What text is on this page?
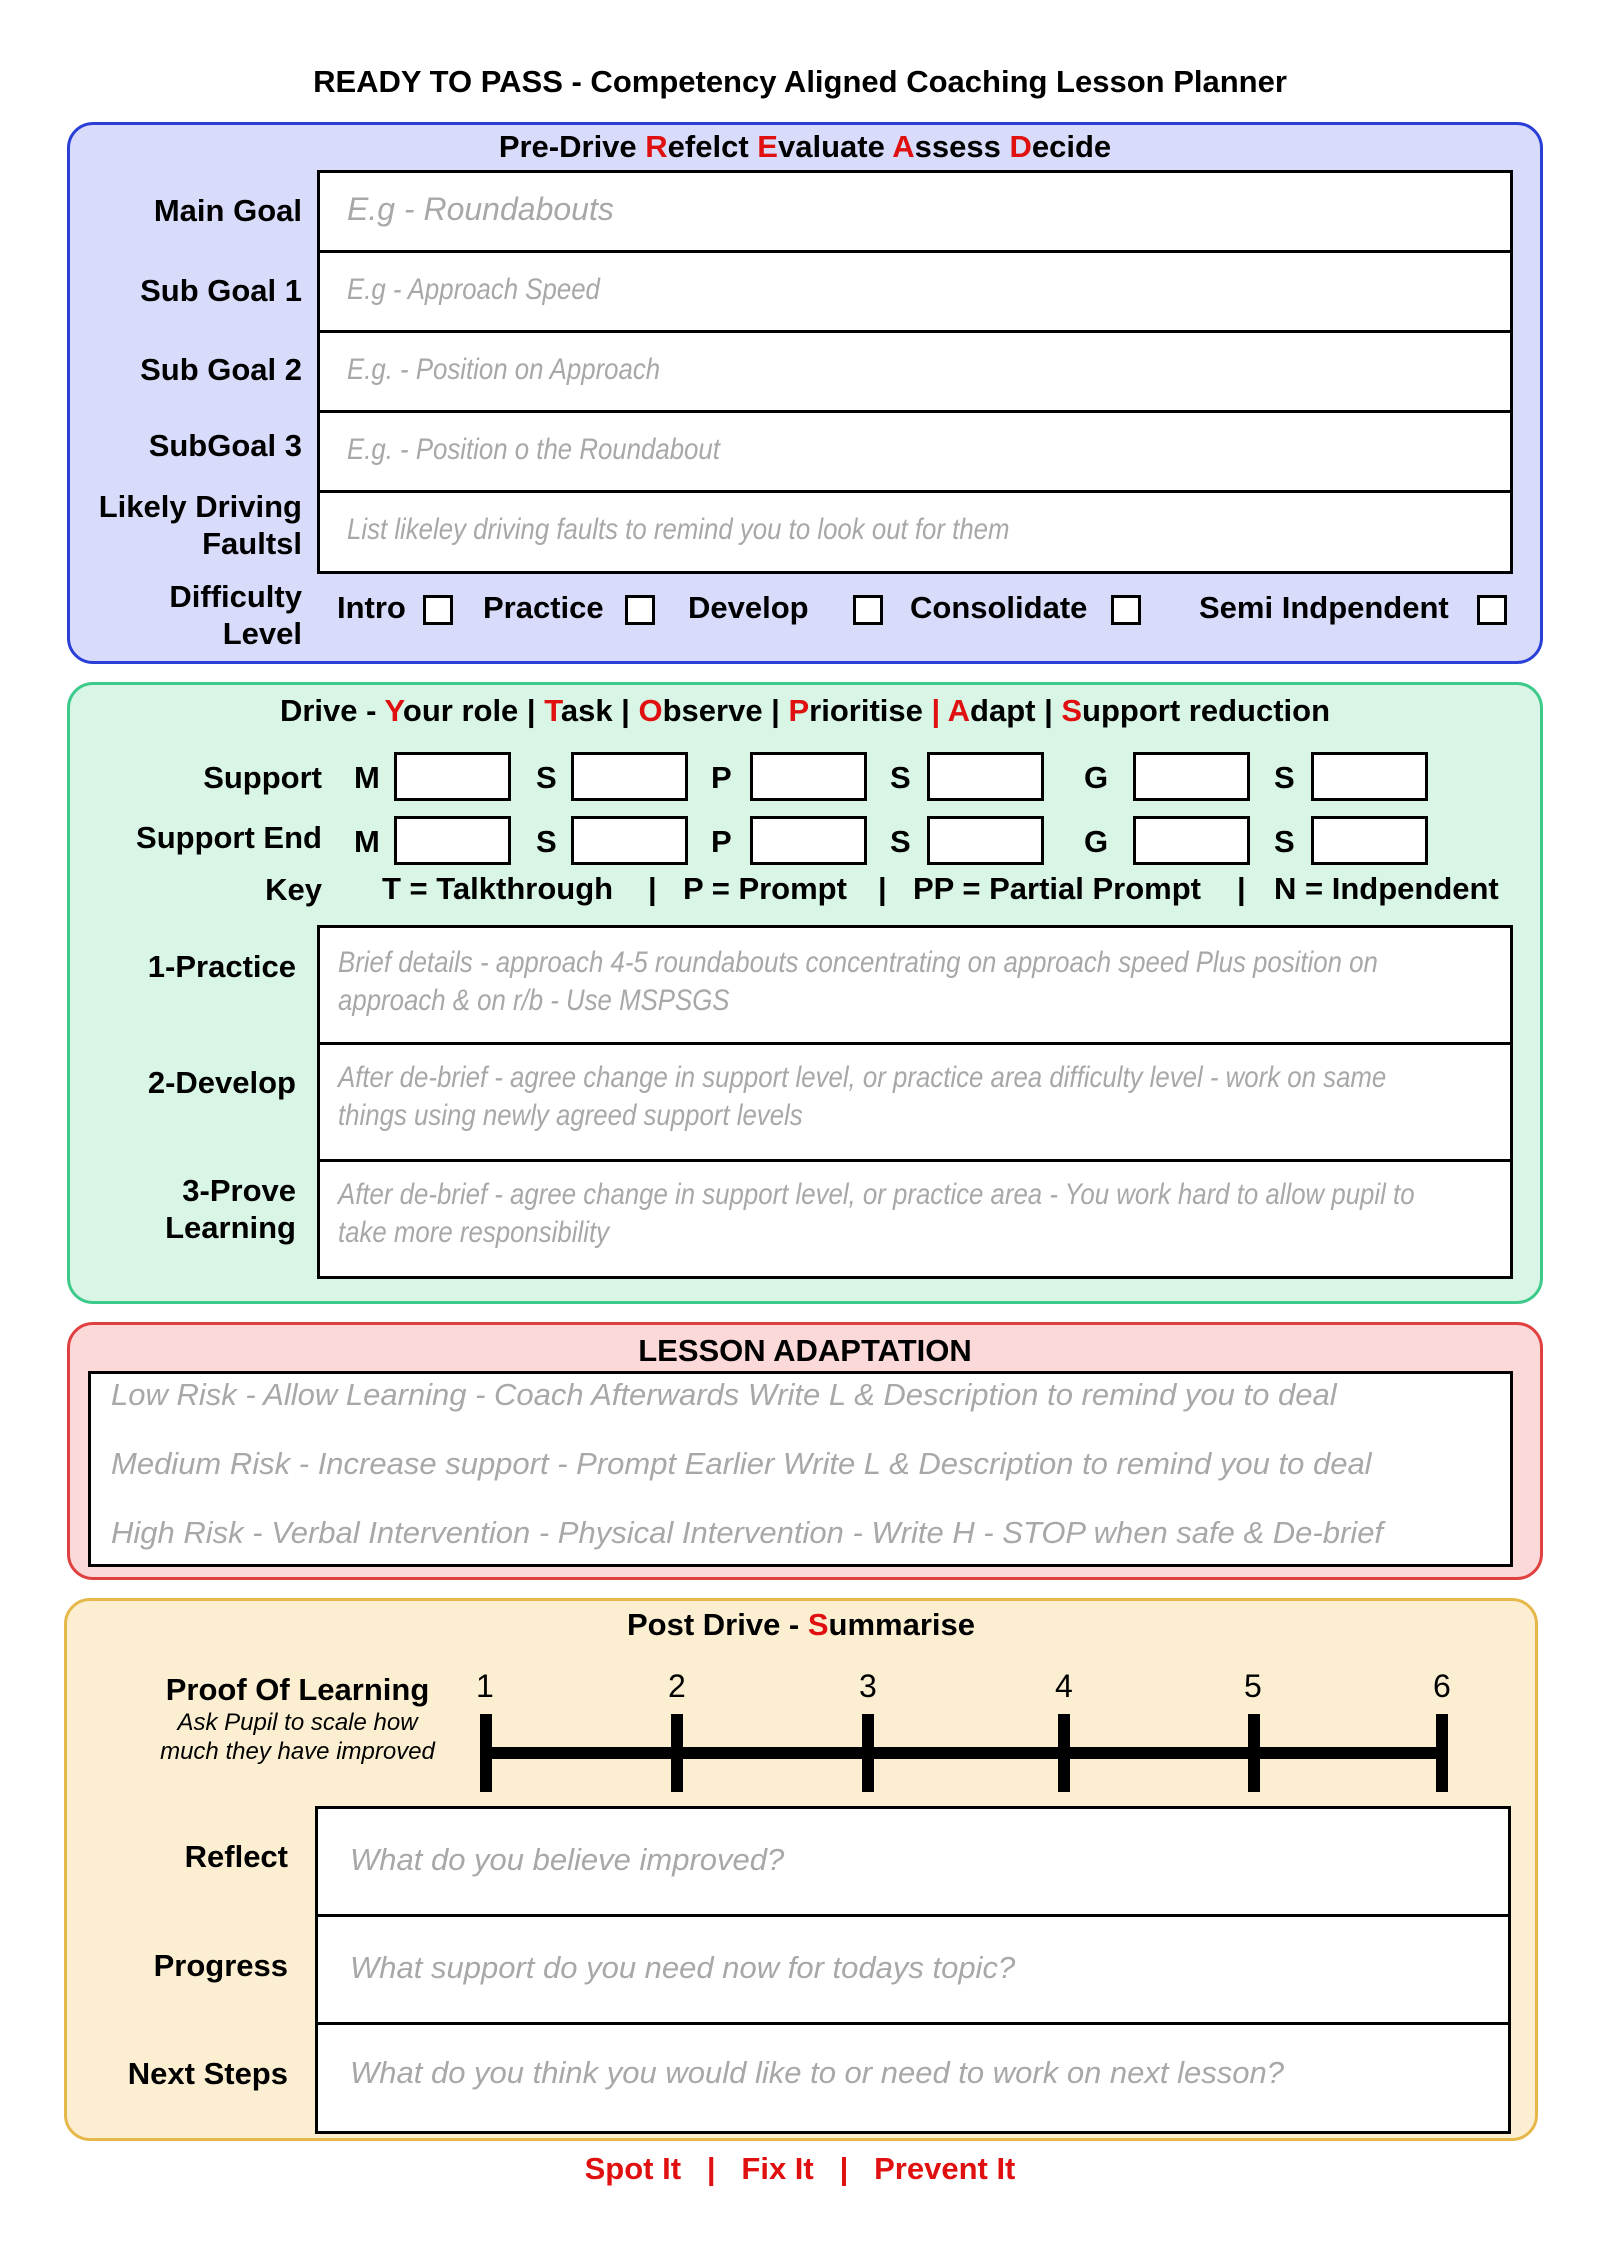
READY TO PASS - Competency Aligned Coaching Lesson Planner
Pre-Drive Refelct Evaluate Assess Decide
Main Goal E.g - Roundabouts
Sub Goal 1 E.g - Approach Speed
Sub Goal 2 E.g. - Position on Approach
SubGoal 3 E.g. - Position o the Roundabout
Likely Driving
Faultsl List likeley driving faults to remind you to look out for them
Difficulty
Level
Intro Practice	Develop	Consolidate	Semi Indpendent
Drive - Your role | Task | Observe | Prioritise | Adapt | Support reduction
Support M	S	P	S	G	S
Support End M	S	P	S	G	S
Key T = Talkthrough | P = Prompt | PP = Partial Prompt | N = Indpendent
1-Practice Brief details - approach 4-5 roundabouts concentrating on approach speed Plus position on
approach & on r/b - Use MSPSGS
2-Develop After de-brief - agree change in support level, or practice area difficulty level - work on same
things using newly agreed support levels
3-Prove
Learning
After de-brief - agree change in support level, or practice area - You work hard to allow pupil to
take more responsibility
LESSON ADAPTATION
Low Risk - Allow Learning - Coach Afterwards Write L & Description to remind you to deal
Medium Risk - Increase support - Prompt Earlier Write L & Description to remind you to deal
High Risk - Verbal Intervention - Physical Intervention - Write H - STOP when safe & De-brief
Post Drive - Summarise
Proof Of Learning
Ask Pupil to scale how
much they have improved
1	2	3	4	5	6
Reflect What do you believe improved?
Progress What support do you need now for todays topic?
Next Steps What do you think you would like to or need to work on next lesson?
Spot It | Fix It | Prevent It
